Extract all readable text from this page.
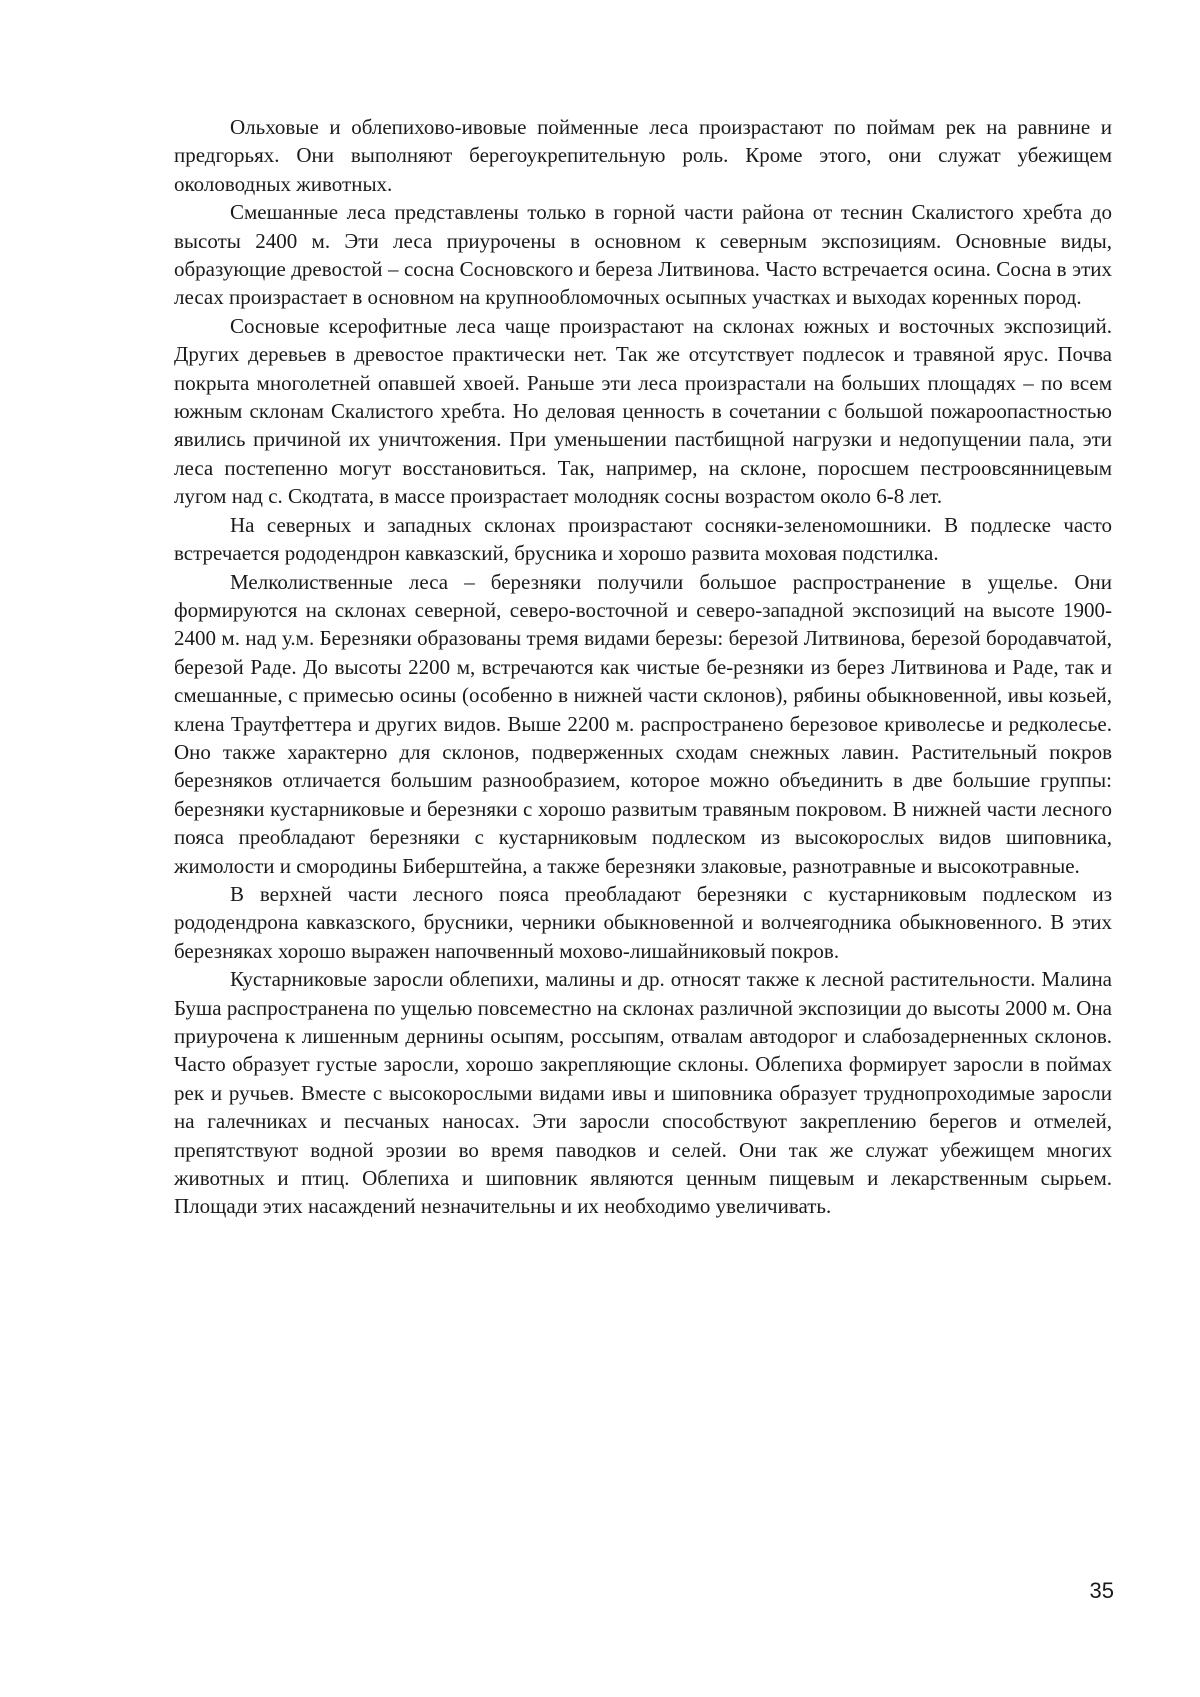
Ольховые и облепихово-ивовые пойменные леса произрастают по поймам рек на равнине и предгорьях. Они выполняют берегоукрепительную роль. Кроме этого, они служат убежищем околоводных животных.

Смешанные леса представлены только в горной части района от теснин Скалистого хребта до высоты 2400 м. Эти леса приурочены в основном к северным экспозициям. Основные виды, образующие древостой – сосна Сосновского и береза Литвинова. Часто встречается осина. Сосна в этих лесах произрастает в основном на крупнообломочных осыпных участках и выходах коренных пород.

Сосновые ксерофитные леса чаще произрастают на склонах южных и восточных экспозиций. Других деревьев в древостое практически нет. Так же отсутствует подлесок и травяной ярус. Почва покрыта многолетней опавшей хвоей. Раньше эти леса произрастали на больших площадях – по всем южным склонам Скалистого хребта. Но деловая ценность в сочетании с большой пожароопастностью явились причиной их уничтожения. При уменьшении пастбищной нагрузки и недопущении пала, эти леса постепенно могут восстановиться. Так, например, на склоне, поросшем пестроовсянницевым лугом над с. Скодтата, в массе произрастает молодняк сосны возрастом около 6-8 лет.

На северных и западных склонах произрастают сосняки-зеленомошники. В подлеске часто встречается рододендрон кавказский, брусника и хорошо развита моховая подстилка.

Мелколиственные леса – березняки получили большое распространение в ущелье. Они формируются на склонах северной, северо-восточной и северо-западной экспозиций на высоте 1900-2400 м. над у.м. Березняки образованы тремя видами березы: березой Литвинова, березой бородавчатой, березой Раде. До высоты 2200 м, встречаются как чистые бе-резняки из берез Литвинова и Раде, так и смешанные, с примесью осины (особенно в нижней части склонов), рябины обыкновенной, ивы козьей, клена Траутфеттера и других видов. Выше 2200 м. распространено березовое криволесье и редколесье. Оно также характерно для склонов, подверженных сходам снежных лавин. Растительный покров березняков отличается большим разнообразием, которое можно объединить в две большие группы: березняки кустарниковые и березняки с хорошо развитым травяным покровом. В нижней части лесного пояса преобладают березняки с кустарниковым подлеском из высокорослых видов шиповника, жимолости и смородины Биберштейна, а также березняки злаковые, разнотравные и высокотравные.

В верхней части лесного пояса преобладают березняки с кустарниковым подлеском из рододендрона кавказского, брусники, черники обыкновенной и волчеягодника обыкновенного. В этих березняках хорошо выражен напочвенный мохово-лишайниковый покров.

Кустарниковые заросли облепихи, малины и др. относят также к лесной растительности. Малина Буша распространена по ущелью повсеместно на склонах различной экспозиции до высоты 2000 м. Она приурочена к лишенным дернины осыпям, россыпям, отвалам автодорог и слабозадерненных склонов. Часто образует густые заросли, хорошо закрепляющие склоны. Облепиха формирует заросли в поймах рек и ручьев. Вместе с высокорослыми видами ивы и шиповника образует труднопроходимые заросли на галечниках и песчаных наносах. Эти заросли способствуют закреплению берегов и отмелей, препятствуют водной эрозии во время паводков и селей. Они так же служат убежищем многих животных и птиц. Облепиха и шиповник являются ценным пищевым и лекарственным сырьем. Площади этих насаждений незначительны и их необходимо увеличивать.

35
